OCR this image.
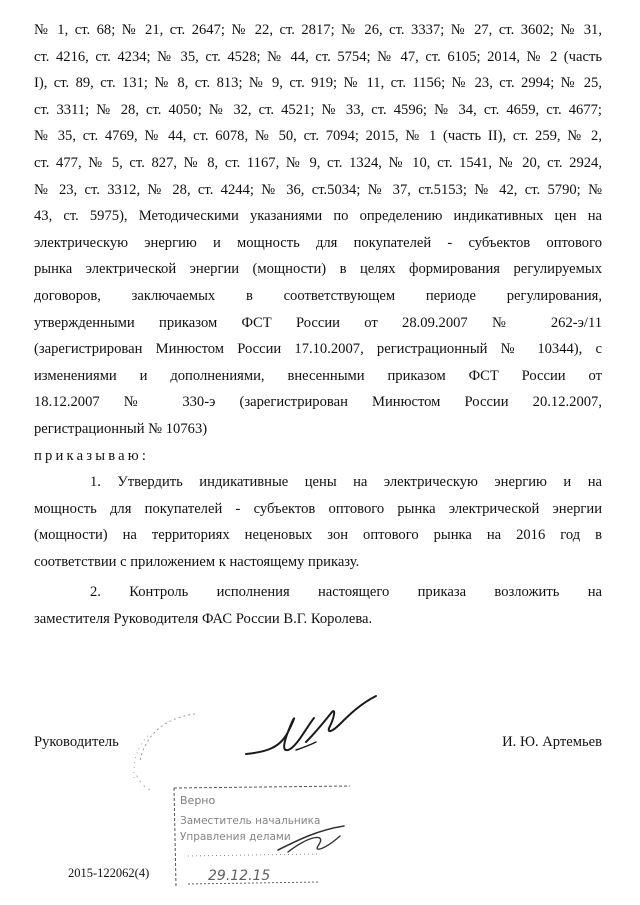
№ 1, ст. 68; № 21, ст. 2647; № 22, ст. 2817; № 26, ст. 3337; № 27, ст. 3602; № 31,
ст. 4216, ст. 4234; № 35, ст. 4528; № 44, ст. 5754; № 47, ст. 6105; 2014, № 2 (часть
I), ст. 89, ст. 131; № 8, ст. 813; № 9, ст. 919; № 11, ст. 1156; № 23, ст. 2994; № 25,
ст. 3311; № 28, ст. 4050; № 32, ст. 4521; № 33, ст. 4596; № 34, ст. 4659, ст. 4677;
№ 35, ст. 4769, № 44, ст. 6078, № 50, ст. 7094; 2015, № 1 (часть II), ст. 259, № 2,
ст. 477, № 5, ст. 827, № 8, ст. 1167, № 9, ст. 1324, № 10, ст. 1541, № 20, ст. 2924,
№ 23, ст. 3312, № 28, ст. 4244; № 36, ст.5034; № 37, ст.5153; № 42, ст. 5790; №
43, ст. 5975), Методическими указаниями по определению индикативных цен на
электрическую энергию и мощность для покупателей - субъектов оптового
рынка электрической энергии (мощности) в целях формирования регулируемых
договоров, заключаемых в соответствующем периоде регулирования,
утвержденными приказом ФСТ России от 28.09.2007 № 262-э/11
(зарегистрирован Минюстом России 17.10.2007, регистрационный № 10344), с
изменениями и дополнениями, внесенными приказом ФСТ России от
18.12.2007 № 330-э (зарегистрирован Минюстом России 20.12.2007,
регистрационный № 10763)

приказываю:

1. Утвердить индикативные цены на электрическую энергию и на
мощность для покупателей - субъектов оптового рынка электрической энергии
(мощности) на территориях неценовых зон оптового рынка на 2016 год в
соответствии с приложением к настоящему приказу.
2. Контроль исполнения настоящего приказа возложить на
заместителя Руководителя ФАС России В.Г. Королева.
Руководитель	И. Ю. Артемьев
Верно
Заместитель начальника
Управления делами
29.12.15
2015-122062(4)
